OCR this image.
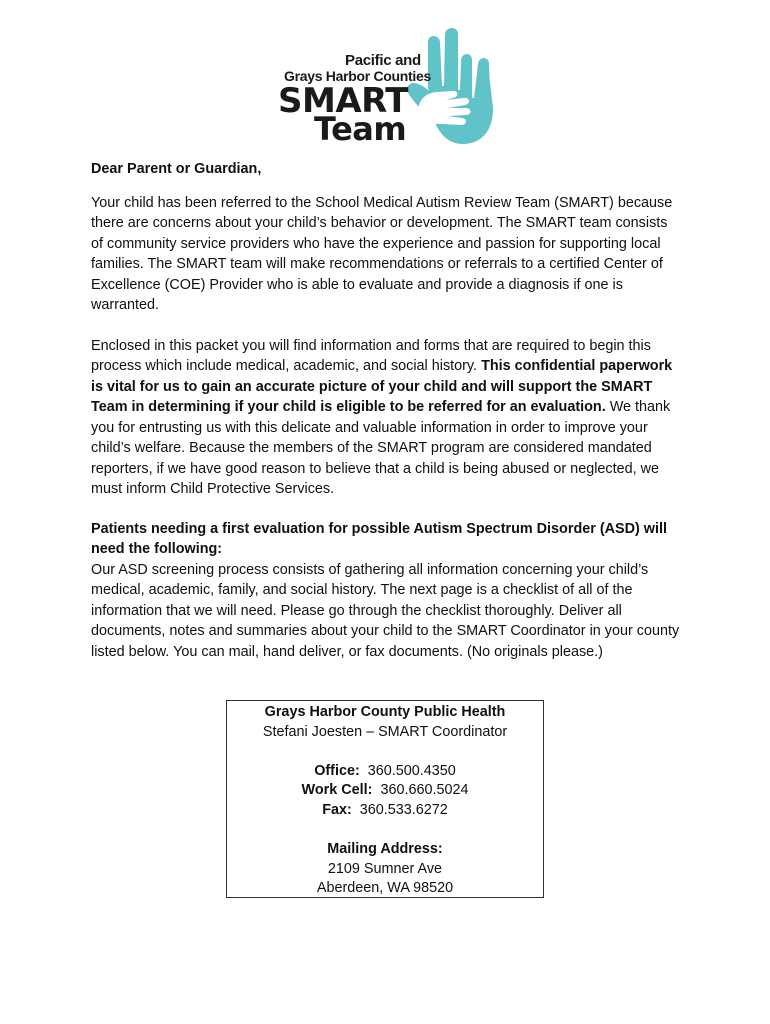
Pacific and
Grays Harbor Counties
SMART
Team

Dear Parent or Guardian,

Your child has been referred to the School Medical Autism Review Team (SMART) because there are concerns about your child’s behavior or development. The SMART team consists of community service providers who have the experience and passion for supporting local families. The SMART team will make recommendations or referrals to a certified Center of Excellence (COE) Provider who is able to evaluate and provide a diagnosis if one is warranted.

Enclosed in this packet you will find information and forms that are required to begin this process which include medical, academic, and social history. This confidential paperwork is vital for us to gain an accurate picture of your child and will support the SMART Team in determining if your child is eligible to be referred for an evaluation. We thank you for entrusting us with this delicate and valuable information in order to improve your child’s welfare. Because the members of the SMART program are considered mandated reporters, if we have good reason to believe that a child is being abused or neglected, we must inform Child Protective Services.

Patients needing a first evaluation for possible Autism Spectrum Disorder (ASD) will need the following:

Our ASD screening process consists of gathering all information concerning your child’s medical, academic, family, and social history. The next page is a checklist of all of the information that we will need. Please go through the checklist thoroughly. Deliver all documents, notes and summaries about your child to the SMART Coordinator in your county listed below. You can mail, hand deliver, or fax documents. (No originals please.)

Grays Harbor County Public Health
Stefani Joesten – SMART Coordinator
Office: 360.500.4350
Work Cell: 360.660.5024
Fax: 360.533.6272
Mailing Address:
2109 Sumner Ave
Aberdeen, WA 98520
